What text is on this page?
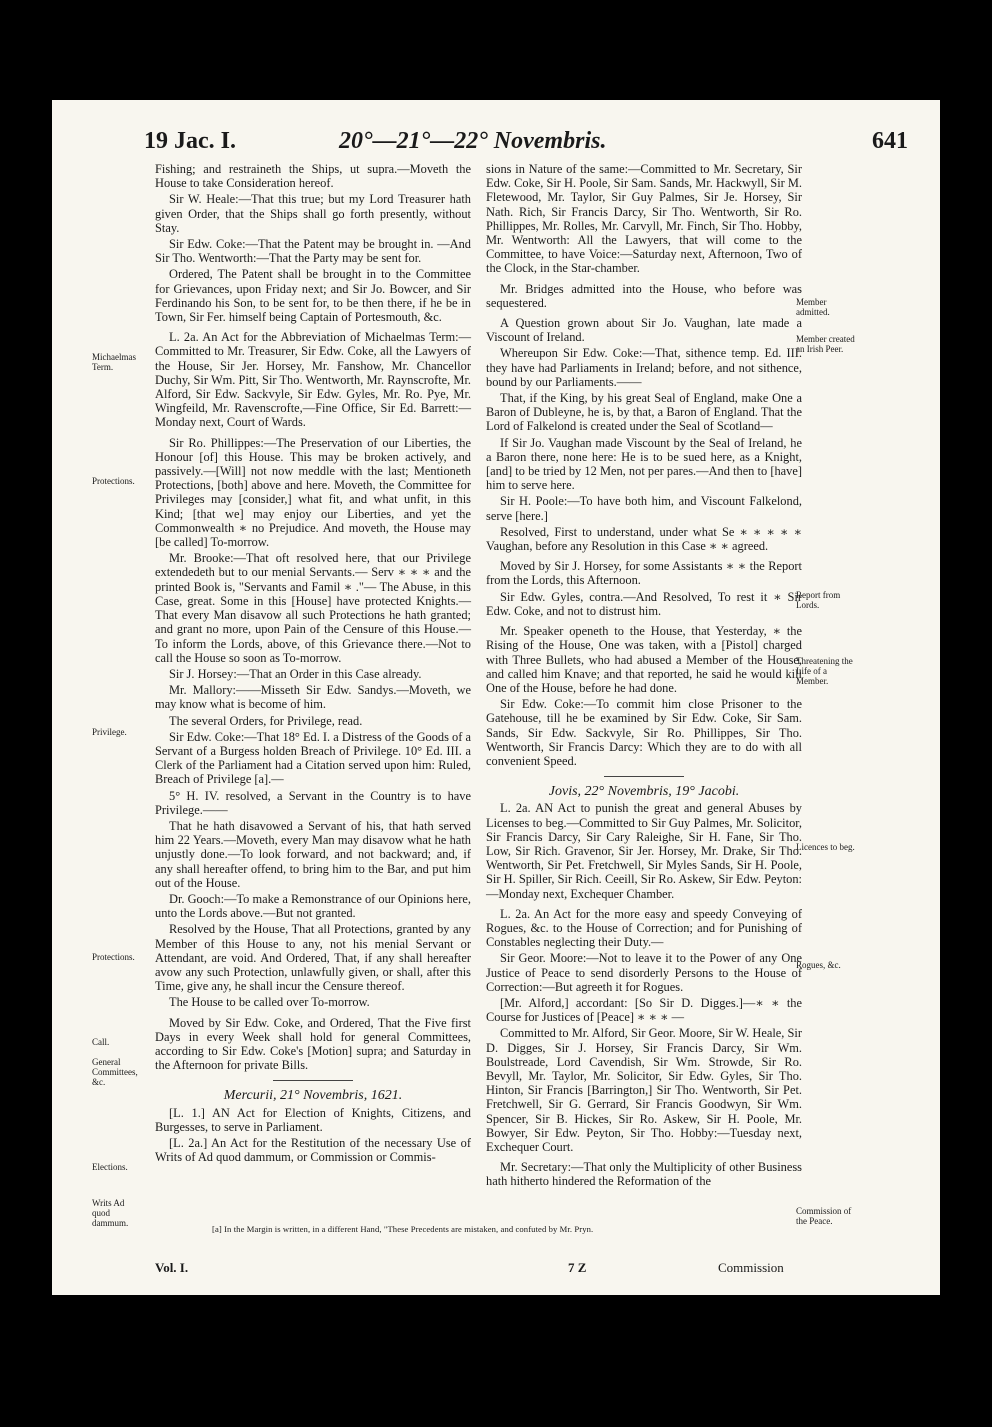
19 Jac. I.	20°—21°—22° Novembris.	641

Fishing; and restraineth the Ships, ut supra.—Moveth the House to take Consideration hereof.

Sir W. Heale:—That this true; but my Lord Treasurer hath given Order, that the Ships shall go forth presently, without Stay.

Sir Edw. Coke:—That the Patent may be brought in. —And Sir Tho. Wentworth:—That the Party may be sent for.

Ordered, The Patent shall be brought in to the Committee for Grievances, upon Friday next; and Sir Jo. Bowcer, and Sir Ferdinando his Son, to be sent for, to be then there, if he be in Town, Sir Fer. himself being Captain of Portesmouth, &c.

L. 2a. An Act for the Abbreviation of Michaelmas Term:—Committed to Mr. Treasurer, Sir Edw. Coke, all the Lawyers of the House, Sir Jer. Horsey, Mr. Fanshow, Mr. Chancellor Duchy, Sir Wm. Pitt, Sir Tho. Wentworth, Mr. Raynscrofte, Mr. Alford, Sir Edw. Sackvyle, Sir Edw. Gyles, Mr. Ro. Pye, Mr. Wingfeild, Mr. Ravenscrofte,—Fine Office, Sir Ed. Barrett:—Monday next, Court of Wards.

Sir Ro. Phillippes:—The Preservation of our Liberties, the Honour [of] this House. This may be broken actively, and passively.—[Will] not now meddle with the last; Mentioneth Protections, [both] above and here. Moveth, the Committee for Privileges may [consider,] what fit, and what unfit, in this Kind; [that we] may enjoy our Liberties, and yet the Commonwealth ∗ no Prejudice. And moveth, the House may [be called] To-morrow.

Mr. Brooke:—That oft resolved here, that our Privilege extendedeth but to our menial Servants.— Serv ∗ ∗ ∗ and the printed Book is, "Servants and Famil ∗ ."— The Abuse, in this Case, great. Some in this [House] have protected Knights.—That every Man disavow all such Protections he hath granted; and grant no more, upon Pain of the Censure of this House.—To inform the Lords, above, of this Grievance there.—Not to call the House so soon as To-morrow.

Sir J. Horsey:—That an Order in this Case already.

Mr. Mallory:——Misseth Sir Edw. Sandys.—Moveth, we may know what is become of him.

The several Orders, for Privilege, read.

Sir Edw. Coke:—That 18° Ed. I. a Distress of the Goods of a Servant of a Burgess holden Breach of Privilege. 10° Ed. III. a Clerk of the Parliament had a Citation served upon him: Ruled, Breach of Privilege [a].—

5° H. IV. resolved, a Servant in the Country is to have Privilege.——

That he hath disavowed a Servant of his, that hath served him 22 Years.—Moveth, every Man may disavow what he hath unjustly done.—To look forward, and not backward; and, if any shall hereafter offend, to bring him to the Bar, and put him out of the House.

Dr. Gooch:—To make a Remonstrance of our Opinions here, unto the Lords above.—But not granted.

Resolved by the House, That all Protections, granted by any Member of this House to any, not his menial Servant or Attendant, are void. And Ordered, That, if any shall hereafter avow any such Protection, unlawfully given, or shall, after this Time, give any, he shall incur the Censure thereof.

The House to be called over To-morrow.

Moved by Sir Edw. Coke, and Ordered, That the Five first Days in every Week shall hold for general Committees, according to Sir Edw. Coke's [Motion] supra; and Saturday in the Afternoon for private Bills.

Mercurii, 21° Novembris, 1621.

[L. 1.] AN Act for Election of Knights, Citizens, and Burgesses, to serve in Parliament.

[L. 2a.] An Act for the Restitution of the necessary Use of Writs of Ad quod dammum, or Commission or Commis-

sions in Nature of the same:—Committed to Mr. Secretary, Sir Edw. Coke, Sir H. Poole, Sir Sam. Sands, Mr. Hackwyll, Sir M. Fletewood, Mr. Taylor, Sir Guy Palmes, Sir Je. Horsey, Sir Nath. Rich, Sir Francis Darcy, Sir Tho. Wentworth, Sir Ro. Phillippes, Mr. Rolles, Mr. Carvyll, Mr. Finch, Sir Tho. Hobby, Mr. Wentworth: All the Lawyers, that will come to the Committee, to have Voice:—Saturday next, Afternoon, Two of the Clock, in the Star-chamber.

Mr. Bridges admitted into the House, who before was sequestered.

A Question grown about Sir Jo. Vaughan, late made a Viscount of Ireland.

Whereupon Sir Edw. Coke:—That, sithence temp. Ed. III. they have had Parliaments in Ireland; before, and not sithence, bound by our Parliaments.——

That, if the King, by his great Seal of England, make One a Baron of Dubleyne, he is, by that, a Baron of England. That the Lord of Falkelond is created under the Seal of Scotland—

If Sir Jo. Vaughan made Viscount by the Seal of Ireland, he a Baron there, none here: He is to be sued here, as a Knight, [and] to be tried by 12 Men, not per pares.—And then to [have] him to serve here.

Sir H. Poole:—To have both him, and Viscount Falkelond, serve [here.]

Resolved, First to understand, under what Se ∗ ∗ ∗ ∗ ∗ Vaughan, before any Resolution in this Case ∗ ∗ agreed.

Moved by Sir J. Horsey, for some Assistants ∗ ∗ the Report from the Lords, this Afternoon.

Sir Edw. Gyles, contra.—And Resolved, To rest it ∗ Sir Edw. Coke, and not to distrust him.

Mr. Speaker openeth to the House, that Yesterday, ∗ the Rising of the House, One was taken, with a [Pistol] charged with Three Bullets, who had abused a Member of the House, and called him Knave; and that reported, he said he would kill One of the House, before he had done.

Sir Edw. Coke:—To commit him close Prisoner to the Gatehouse, till he be examined by Sir Edw. Coke, Sir Sam. Sands, Sir Edw. Sackvyle, Sir Ro. Phillippes, Sir Tho. Wentworth, Sir Francis Darcy: Which they are to do with all convenient Speed.

Jovis, 22° Novembris, 19° Jacobi.

L. 2a. AN Act to punish the great and general Abuses by Licenses to beg.—Committed to Sir Guy Palmes, Mr. Solicitor, Sir Francis Darcy, Sir Cary Raleighe, Sir H. Fane, Sir Tho. Low, Sir Rich. Gravenor, Sir Jer. Horsey, Mr. Drake, Sir Tho. Wentworth, Sir Pet. Fretchwell, Sir Myles Sands, Sir H. Poole, Sir H. Spiller, Sir Rich. Ceeill, Sir Ro. Askew, Sir Edw. Peyton:—Monday next, Exchequer Chamber.

L. 2a. An Act for the more easy and speedy Conveying of Rogues, &c. to the House of Correction; and for Punishing of Constables neglecting their Duty.—

Sir Geor. Moore:—Not to leave it to the Power of any One Justice of Peace to send disorderly Persons to the House of Correction:—But agreeth it for Rogues.

[Mr. Alford,] accordant: [So Sir D. Digges.]—∗ ∗ the Course for Justices of [Peace] ∗ ∗ ∗ —

Committed to Mr. Alford, Sir Geor. Moore, Sir W. Heale, Sir D. Digges, Sir J. Horsey, Sir Francis Darcy, Sir Wm. Boulstreade, Lord Cavendish, Sir Wm. Strowde, Sir Ro. Bevyll, Mr. Taylor, Mr. Solicitor, Sir Edw. Gyles, Sir Tho. Hinton, Sir Francis [Barrington,] Sir Tho. Wentworth, Sir Pet. Fretchwell, Sir G. Gerrard, Sir Francis Goodwyn, Sir Wm. Spencer, Sir B. Hickes, Sir Ro. Askew, Sir H. Poole, Mr. Bowyer, Sir Edw. Peyton, Sir Tho. Hobby:—Tuesday next, Exchequer Court.

Mr. Secretary:—That only the Multiplicity of other Business hath hitherto hindered the Reformation of the

Michaelmas Term.
Protections.
Privilege.
Protections.
Call.
General Committees, &c.
Elections.
Writs Ad quod dammum.
Member admitted.
Member created an Irish Peer.
Report from Lords.
Threatening the Life of a Member.
Licences to beg.
Rogues, &c.
Commission of the Peace.
[a] In the Margin is written, in a different Hand, "These Precedents are mistaken, and confuted by Mr. Pryn.
Vol. I.	7 Z	Commission
